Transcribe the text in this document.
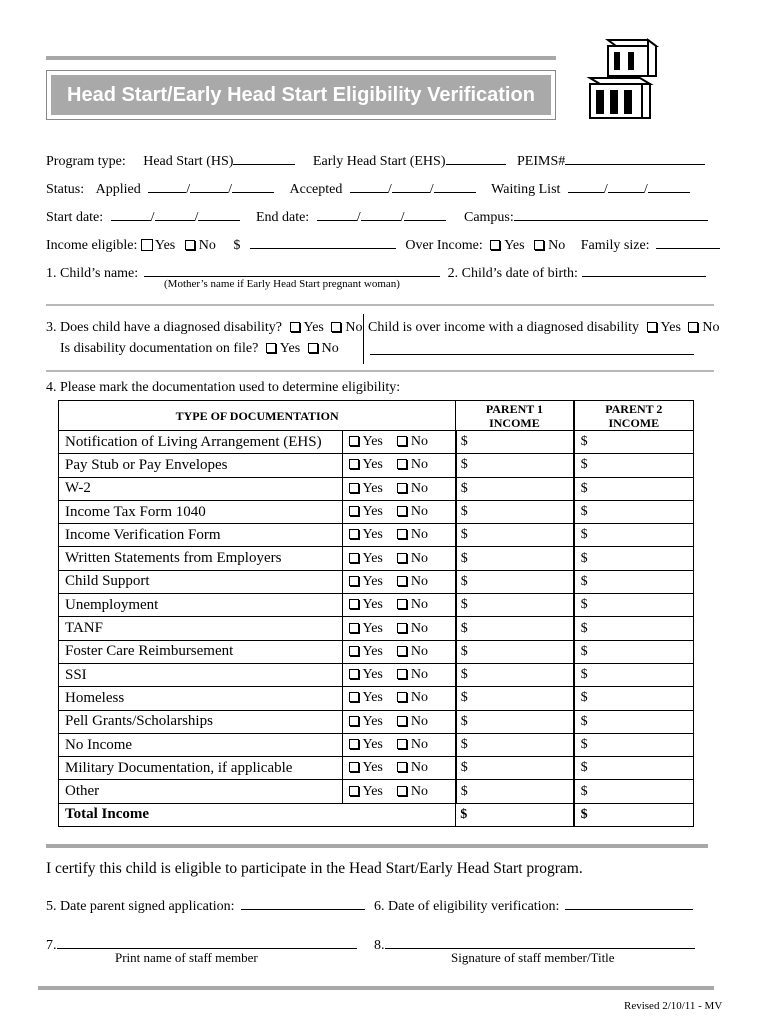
Head Start/Early Head Start Eligibility Verification
Program type: Head Start (HS)	Early Head Start (EHS)	PEIMS#
Status: Applied	/	/	Accepted	/	/	Waiting List	/	/
Start date:	/	/	End date:	/	/	Campus:
Income eligible: Yes No $	Over Income: Yes No Family size:
1. Child’s name:	2. Child’s date of birth:
(Mother’s name if Early Head Start pregnant woman)
3. Does child have a diagnosed disability? Yes No
Is disability documentation on file? Yes No
Child is over income with a diagnosed disability Yes No
4. Please mark the documentation used to determine eligibility:
TYPE OF DOCUMENTATION		PARENT 1 INCOME	PARENT 2 INCOME
Notification of Living Arrangement (EHS)	Yes No	$	$
Pay Stub or Pay Envelopes	Yes No	$	$
W-2	Yes No	$	$
Income Tax Form 1040	Yes No	$	$
Income Verification Form	Yes No	$	$
Written Statements from Employers	Yes No	$	$
Child Support	Yes No	$	$
Unemployment	Yes No	$	$
TANF	Yes No	$	$
Foster Care Reimbursement	Yes No	$	$
SSI	Yes No	$	$
Homeless	Yes No	$	$
Pell Grants/Scholarships	Yes No	$	$
No Income	Yes No	$	$
Military Documentation, if applicable	Yes No	$	$
Other	Yes No	$	$
Total Income		$	$
I certify this child is eligible to participate in the Head Start/Early Head Start program.
5. Date parent signed application:	6. Date of eligibility verification:
7.	8.
Print name of staff member	Signature of staff member/Title
Revised 2/10/11 - MV
